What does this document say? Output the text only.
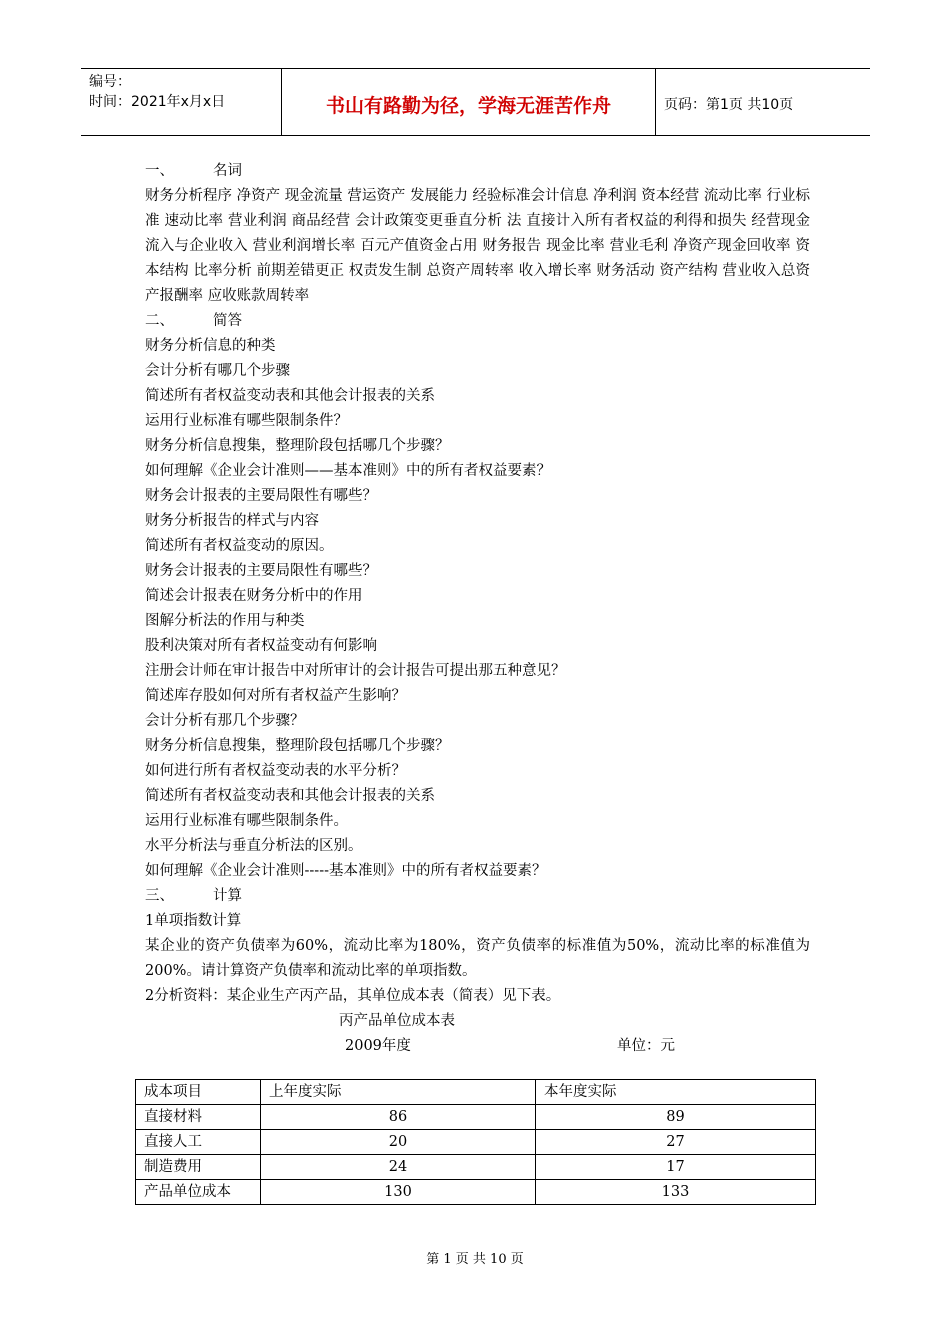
编号：
时间：2021年x月x日	书山有路勤为径，学海无涯苦作舟	页码：第1页 共10页

一、	名词

财务分析程序 净资产 现金流量 营运资产 发展能力 经验标准会计信息 净利润 资本经营 流动比率 行业标准 速动比率 营业利润 商品经营 会计政策变更垂直分析 法 直接计入所有者权益的利得和损失 经营现金流入与企业收入 营业利润增长率 百元产值资金占用 财务报告 现金比率 营业毛利 净资产现金回收率 资本结构 比率分析 前期差错更正 权责发生制 总资产周转率 收入增长率 财务活动 资产结构 营业收入总资产报酬率 应收账款周转率

二、	简答

财务分析信息的种类

会计分析有哪几个步骤

简述所有者权益变动表和其他会计报表的关系

运用行业标准有哪些限制条件？

财务分析信息搜集，整理阶段包括哪几个步骤？

如何理解《企业会计准则——基本准则》中的所有者权益要素？

财务会计报表的主要局限性有哪些？

财务分析报告的样式与内容

简述所有者权益变动的原因。

财务会计报表的主要局限性有哪些？

简述会计报表在财务分析中的作用

图解分析法的作用与种类

股利决策对所有者权益变动有何影响

注册会计师在审计报告中对所审计的会计报告可提出那五种意见？

简述库存股如何对所有者权益产生影响？

会计分析有那几个步骤？

财务分析信息搜集，整理阶段包括哪几个步骤？

如何进行所有者权益变动表的水平分析？

简述所有者权益变动表和其他会计报表的关系

运用行业标准有哪些限制条件。

水平分析法与垂直分析法的区别。

如何理解《企业会计准则-----基本准则》中的所有者权益要素？

三、	计算

1单项指数计算

某企业的资产负债率为60%，流动比率为180%，资产负债率的标准值为50%，流动比率的标准值为200%。请计算资产负债率和流动比率的单项指数。

2分析资料：某企业生产丙产品，其单位成本表（简表）见下表。

丙产品单位成本表

2009年度	单位：元
成本项目	上年度实际	本年度实际
直接材料	86	89
直接人工	20	27
制造费用	24	17
产品单位成本	130	133
第 1 页 共 10 页
